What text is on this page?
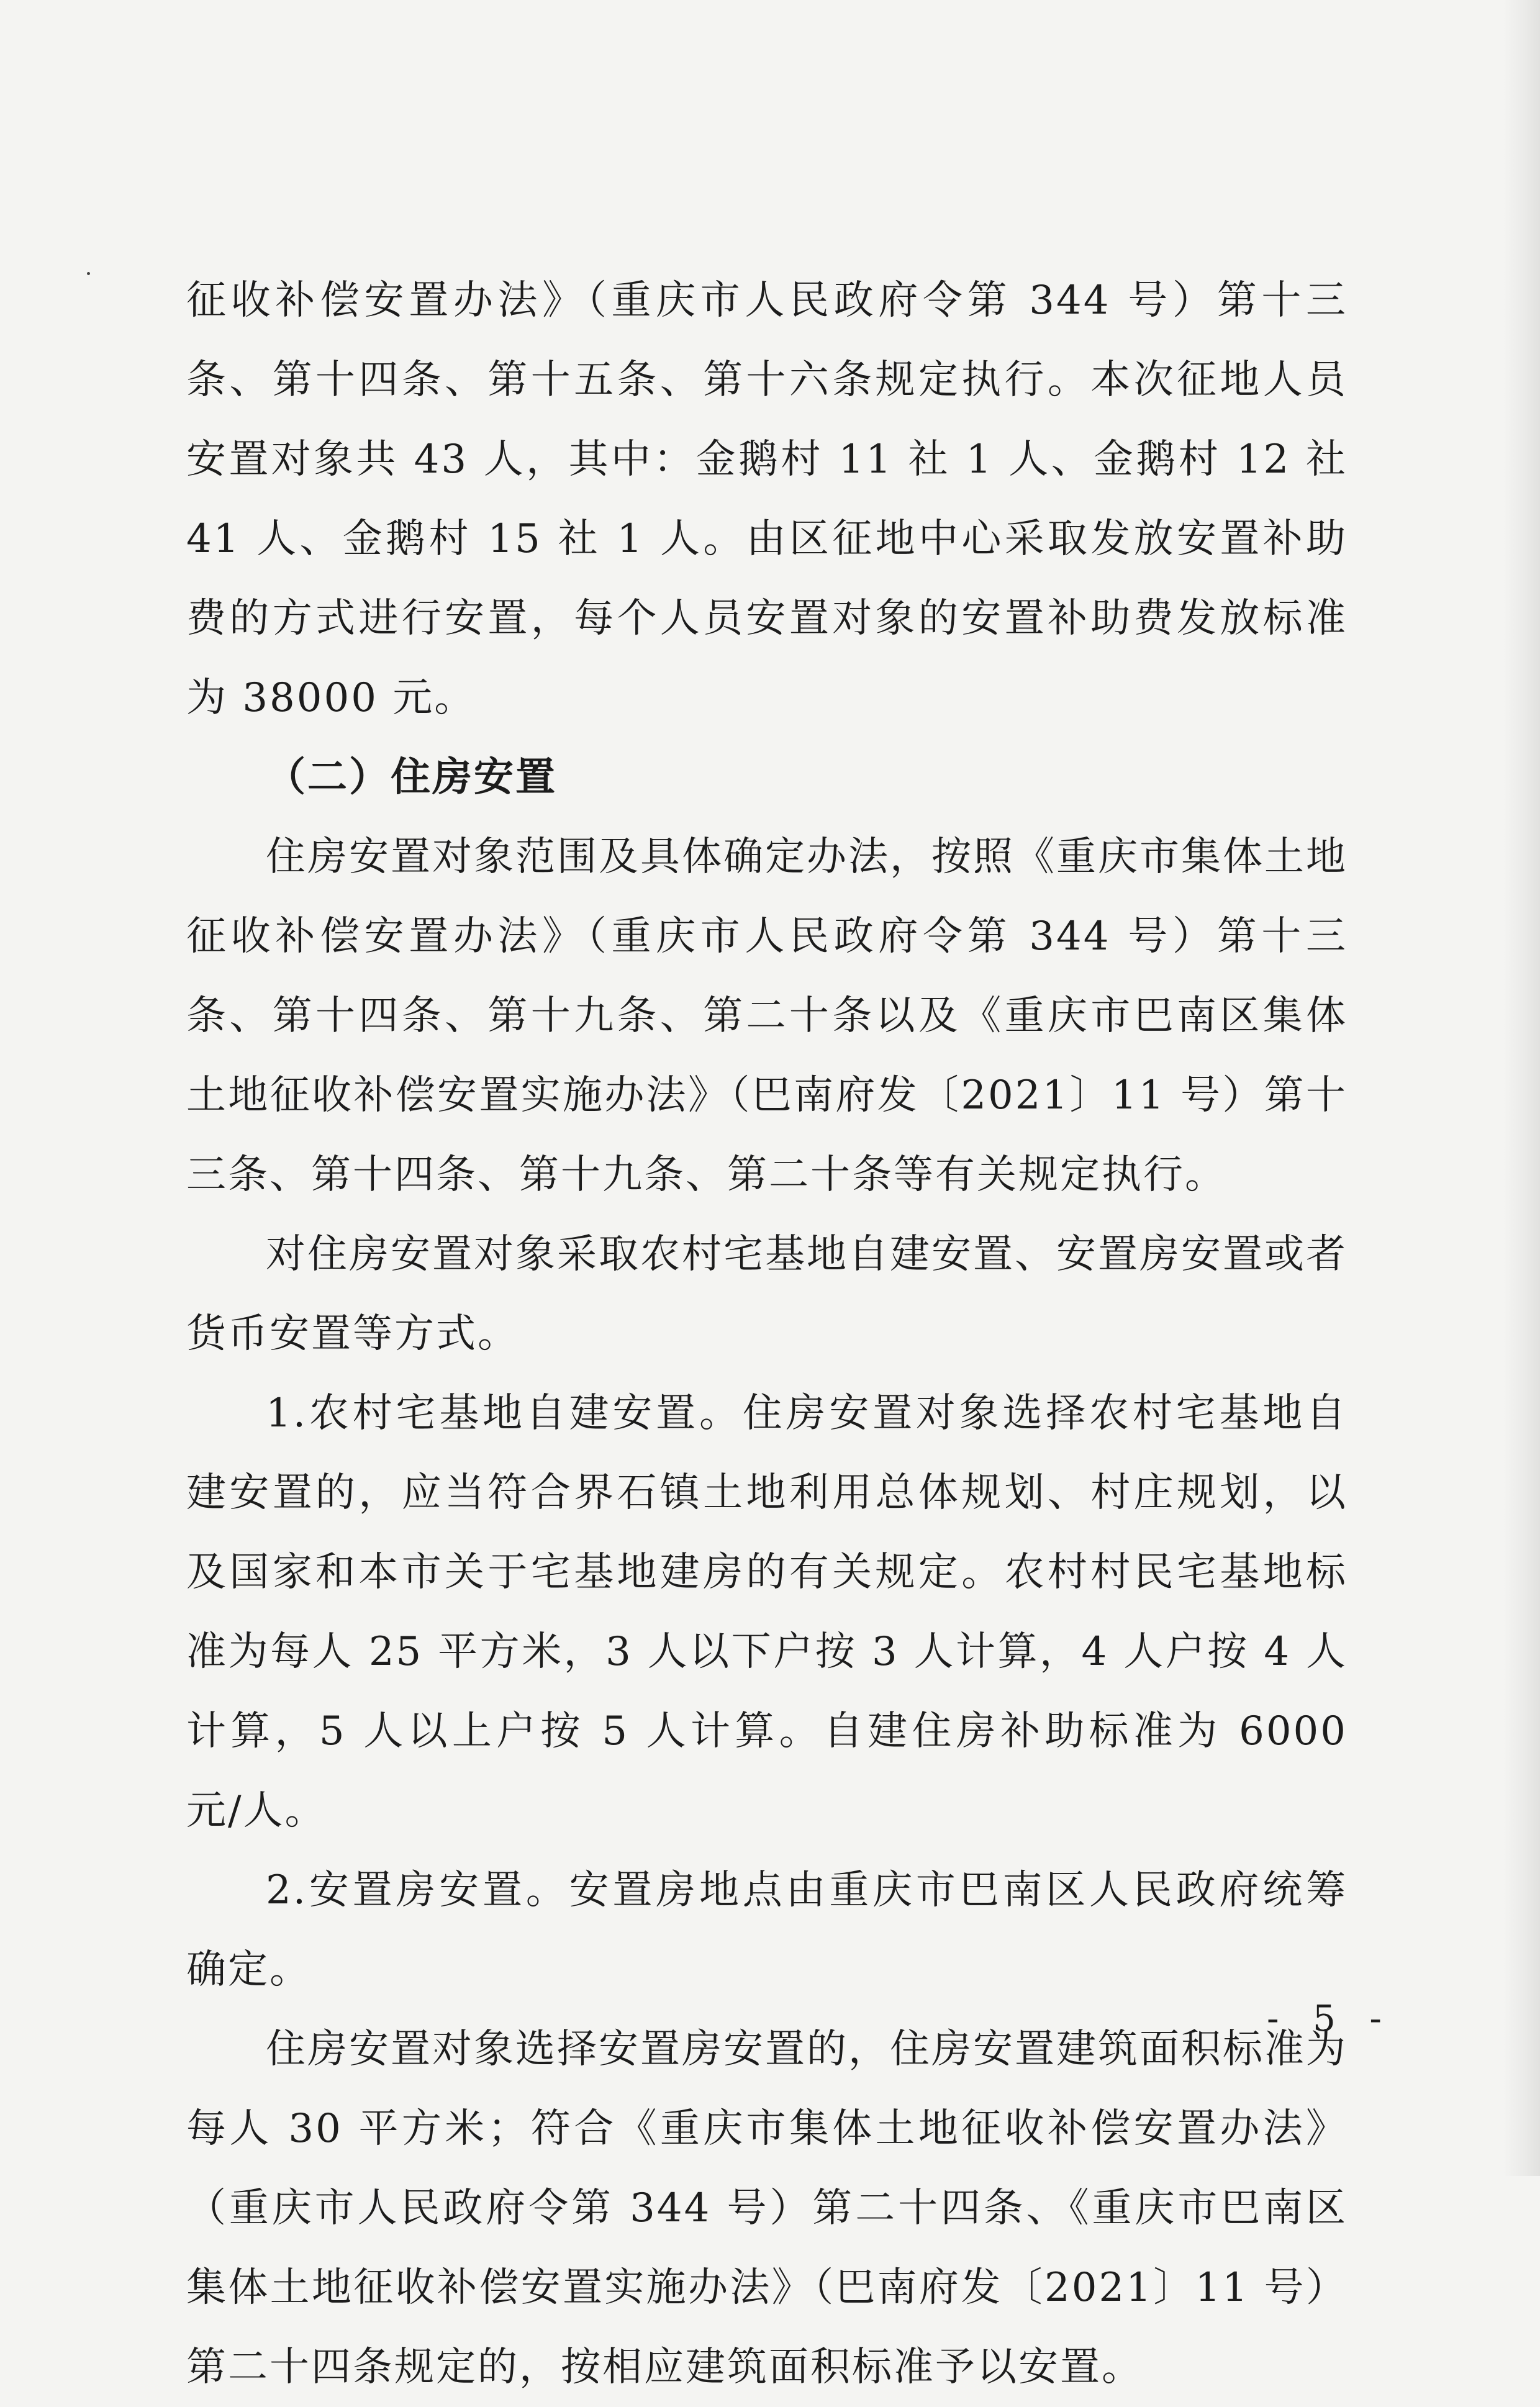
征收补偿安置办法》（重庆市人民政府令第 344 号）第十三条、第十四条、第十五条、第十六条规定执行。本次征地人员安置对象共 43 人，其中：金鹅村 11 社 1 人、金鹅村 12 社 41 人、金鹅村 15 社 1 人。由区征地中心采取发放安置补助费的方式进行安置，每个人员安置对象的安置补助费发放标准为 38000 元。

（二）住房安置

住房安置对象范围及具体确定办法，按照《重庆市集体土地征收补偿安置办法》（重庆市人民政府令第 344 号）第十三条、第十四条、第十九条、第二十条以及《重庆市巴南区集体土地征收补偿安置实施办法》（巴南府发〔2021〕11 号）第十三条、第十四条、第十九条、第二十条等有关规定执行。

对住房安置对象采取农村宅基地自建安置、安置房安置或者货币安置等方式。

1.农村宅基地自建安置。住房安置对象选择农村宅基地自建安置的，应当符合界石镇土地利用总体规划、村庄规划，以及国家和本市关于宅基地建房的有关规定。农村村民宅基地标准为每人 25 平方米，3 人以下户按 3 人计算，4 人户按 4 人计算，5 人以上户按 5 人计算。自建住房补助标准为 6000 元/人。

2.安置房安置。安置房地点由重庆市巴南区人民政府统筹确定。

住房安置对象选择安置房安置的，住房安置建筑面积标准为每人 30 平方米；符合《重庆市集体土地征收补偿安置办法》（重庆市人民政府令第 344 号）第二十四条、《重庆市巴南区集体土地征收补偿安置实施办法》（巴南府发〔2021〕11 号）第二十四条规定的，按相应建筑面积标准予以安置。

- 5 -
